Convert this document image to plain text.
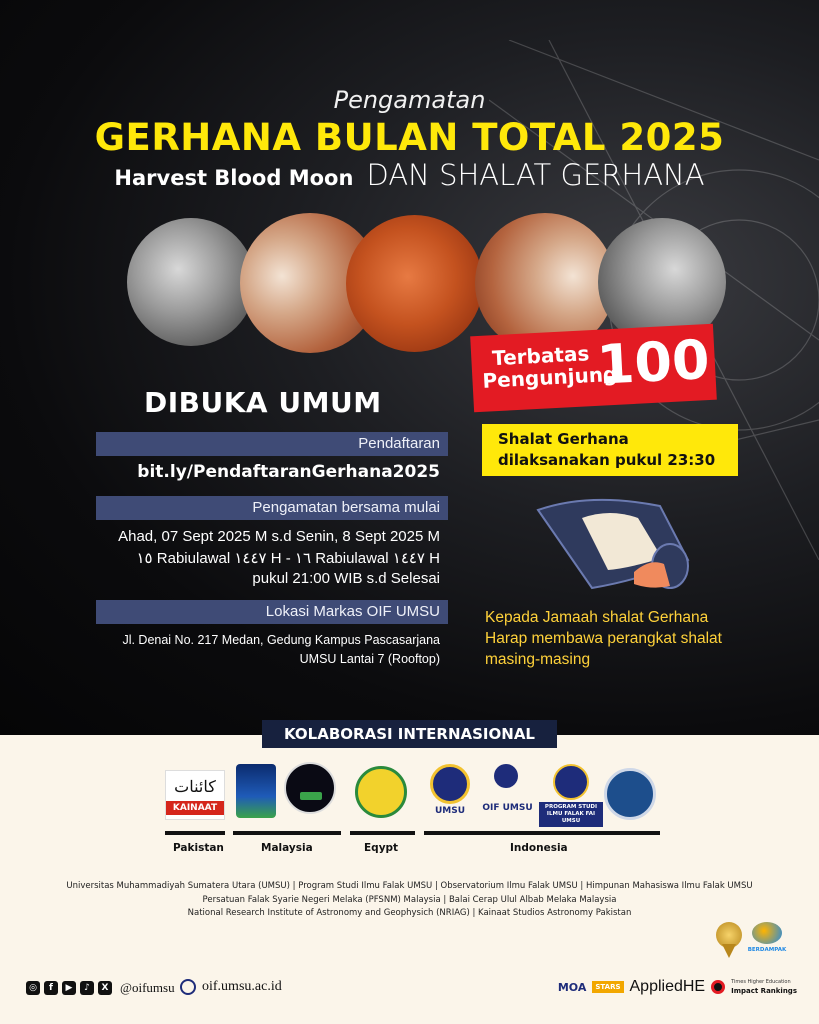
Pengamatan
GERHANA BULAN TOTAL 2025
Harvest Blood Moon DAN SHALAT GERHANA
Terbatas
Pengunjung
100
DIBUKA UMUM
Pendaftaran
bit.ly/PendaftaranGerhana2025
Pengamatan bersama mulai
Ahad, 07 Sept 2025 M s.d Senin, 8 Sept 2025 M
١٥ Rabiulawal ١٤٤٧ H - ١٦ Rabiulawal ١٤٤٧ H
pukul 21:00 WIB s.d Selesai
Lokasi Markas OIF UMSU
Jl. Denai No. 217 Medan, Gedung Kampus Pascasarjana
UMSU Lantai 7 (Rooftop)
Shalat Gerhana
dilaksanakan pukul 23:30
Kepada Jamaah shalat Gerhana
Harap membawa perangkat shalat
masing-masing
KOLABORASI INTERNASIONAL
کائنات
KAINAAT	UMSU	OIF UMSU	PROGRAM STUDI ILMU FALAK FAI UMSU
Pakistan	Malaysia	Eqypt	Indonesia
Universitas Muhammadiyah Sumatera Utara (UMSU) | Program Studi Ilmu Falak UMSU | Observatorium Ilmu Falak UMSU | Himpunan Mahasiswa Ilmu Falak UMSU
Persatuan Falak Syarie Negeri Melaka (PFSNM) Malaysia | Balai Cerap Ulul Albab Melaka Malaysia
National Research Institute of Astronomy and Geophysich (NRIAG) | Kainaat Studios Astronomy Pakistan
BERDAMPAK
◎	f	▶	♪	X @oifumsu oif.umsu.ac.id	MOA	STARS AppliedHE	Times Higher Education
Impact Rankings
